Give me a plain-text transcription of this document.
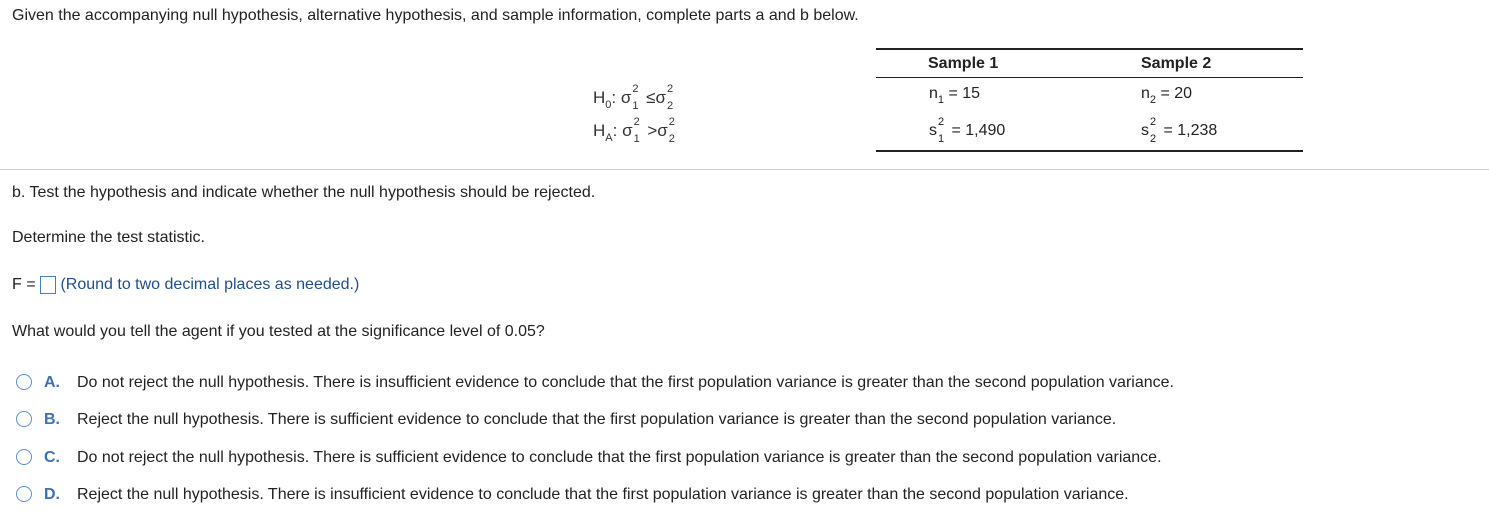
Given the accompanying null hypothesis, alternative hypothesis, and sample information, complete parts a and b below.
$H_0$: σ 2
1 ≤σ 2
2
$H_A$: σ 2
1 >σ 2
2
Sample 1	Sample 2
$n_1 = 15$	$n_2 = 20$
s 2
1 = 1,490	s 2
2 = 1,238
b. Test the hypothesis and indicate whether the null hypothesis should be rejected.
Determine the test statistic.
F = (Round to two decimal places as needed.)
What would you tell the agent if you tested at the significance level of 0.05?
A. Do not reject the null hypothesis. There is insufficient evidence to conclude that the first population variance is greater than the second population variance.
B. Reject the null hypothesis. There is sufficient evidence to conclude that the first population variance is greater than the second population variance.
C. Do not reject the null hypothesis. There is sufficient evidence to conclude that the first population variance is greater than the second population variance.
D. Reject the null hypothesis. There is insufficient evidence to conclude that the first population variance is greater than the second population variance.
